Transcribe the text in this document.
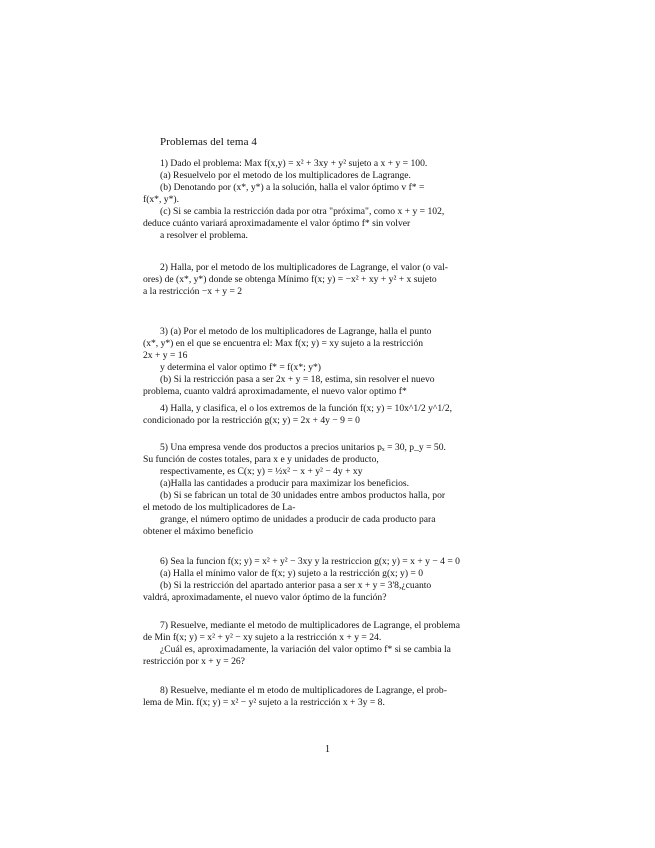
Problemas del tema 4
1) Dado el problema: Max f(x,y) = x² + 3xy + y² sujeto a x + y = 100.
(a) Resuelvelo por el metodo de los multiplicadores de Lagrange.
(b) Denotando por (x*, y*) a la solución, halla el valor óptimo v f* =
f(x*, y*).
(c) Si se cambia la restricción dada por otra "próxima", como x + y = 102,
deduce cuánto variará aproximadamente el valor óptimo f* sin volver
a resolver el problema.
2) Halla, por el metodo de los multiplicadores de Lagrange, el valor (o val-
ores) de (x*, y*) donde se obtenga Mínimo f(x; y) = −x² + xy + y² + x sujeto
a la restricción −x + y = 2
3) (a) Por el metodo de los multiplicadores de Lagrange, halla el punto
(x*, y*) en el que se encuentra el: Max f(x; y) = xy sujeto a la restricción
2x + y = 16
y determina el valor optimo f* = f(x*; y*)
(b) Si la restricción pasa a ser 2x + y = 18, estima, sin resolver el nuevo
problema, cuanto valdrá aproximadamente, el nuevo valor optimo f*
4) Halla, y clasifica, el o los extremos de la función f(x; y) = 10x^1/2 y^1/2,
condicionado por la restricción g(x; y) = 2x + 4y − 9 = 0
5) Una empresa vende dos productos a precios unitarios pₓ = 30, p_y = 50.
Su función de costes totales, para x e y unidades de producto,
respectivamente, es C(x; y) = ½x² − x + y² − 4y + xy
(a)Halla las cantidades a producir para maximizar los beneficios.
(b) Si se fabrican un total de 30 unidades entre ambos productos halla, por
el metodo de los multiplicadores de La-
grange, el número optimo de unidades a producir de cada producto para
obtener el máximo beneficio
6) Sea la funcion f(x; y) = x² + y² − 3xy y la restriccion g(x; y) = x + y − 4 = 0
(a) Halla el mínimo valor de f(x; y) sujeto a la restricción g(x; y) = 0
(b) Si la restricción del apartado anterior pasa a ser x + y = 3'8,¿cuanto
valdrá, aproximadamente, el nuevo valor óptimo de la función?
7) Resuelve, mediante el metodo de multiplicadores de Lagrange, el problema
de Min f(x; y) = x² + y² − xy sujeto a la restricción x + y = 24.
¿Cuál es, aproximadamente, la variación del valor optimo f* si se cambia la
restricción por x + y = 26?
8) Resuelve, mediante el m etodo de multiplicadores de Lagrange, el prob-
lema de Min. f(x; y) = x² − y² sujeto a la restricción x + 3y = 8.
1
